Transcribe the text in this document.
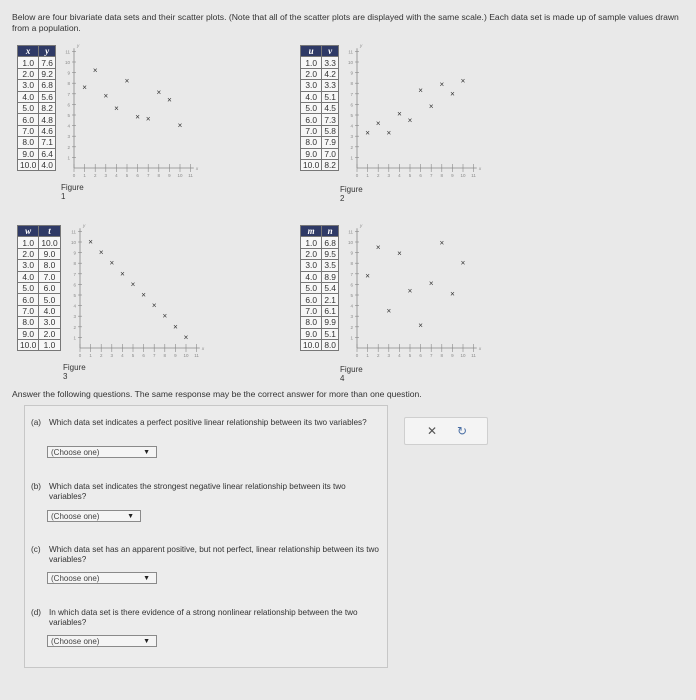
Below are four bivariate data sets and their scatter plots. (Note that all of the scatter plots are displayed with the same scale.) Each data set is made up of sample values drawn from a population.
x	y
1.0	7.6
2.0	9.2
3.0	6.8
4.0	5.6
5.0	8.2
6.0	4.8
7.0	4.6
8.0	7.1
9.0	6.4
10.0	4.0
Figure 1
11
10
9
8
7
6
5
4
3
2
1
0 1 2 3 4 5 6 7 8 9 10 11
y
x
×
×
×
×
×
× ×
×
×
×
u	v
1.0	3.3
2.0	4.2
3.0	3.3
4.0	5.1
5.0	4.5
6.0	7.3
7.0	5.8
8.0	7.9
9.0	7.0
10.0	8.2
Figure 2
11
10
9
8
7
6
5
4
3
2
1
0 1 2 3 4 5 6 7 8 9 10 11
y
x
×
×
×
×
×
×
×
×
×
×
w	t
1.0	10.0
2.0	9.0
3.0	8.0
4.0	7.0
5.0	6.0
6.0	5.0
7.0	4.0
8.0	3.0
9.0	2.0
10.0	1.0
Figure 3
11
10
9
8
7
6
5
4
3
2
1
0 1 2 3 4 5 6 7 8 9 10 11
y
x
×
×
×
×
×
×
×
×
×
×
m	n
1.0	6.8
2.0	9.5
3.0	3.5
4.0	8.9
5.0	5.4
6.0	2.1
7.0	6.1
8.0	9.9
9.0	5.1
10.0	8.0
Figure 4
11
10
9
8
7
6
5
4
3
2
1
0 1 2 3 4 5 6 7 8 9 10 11
y
x
×
×
×
×
×
×
×
×
×
×
Answer the following questions. The same response may be the correct answer for more than one question.
(a) Which data set indicates a perfect positive linear relationship between its two variables?
(Choose one)	▼
(b) Which data set indicates the strongest negative linear relationship between its two variables?
(Choose one)	▼
(c) Which data set has an apparent positive, but not perfect, linear relationship between its two variables?
(Choose one)	▼
(d) In which data set is there evidence of a strong nonlinear relationship between the two variables?
(Choose one)	▼
✕ ↻
